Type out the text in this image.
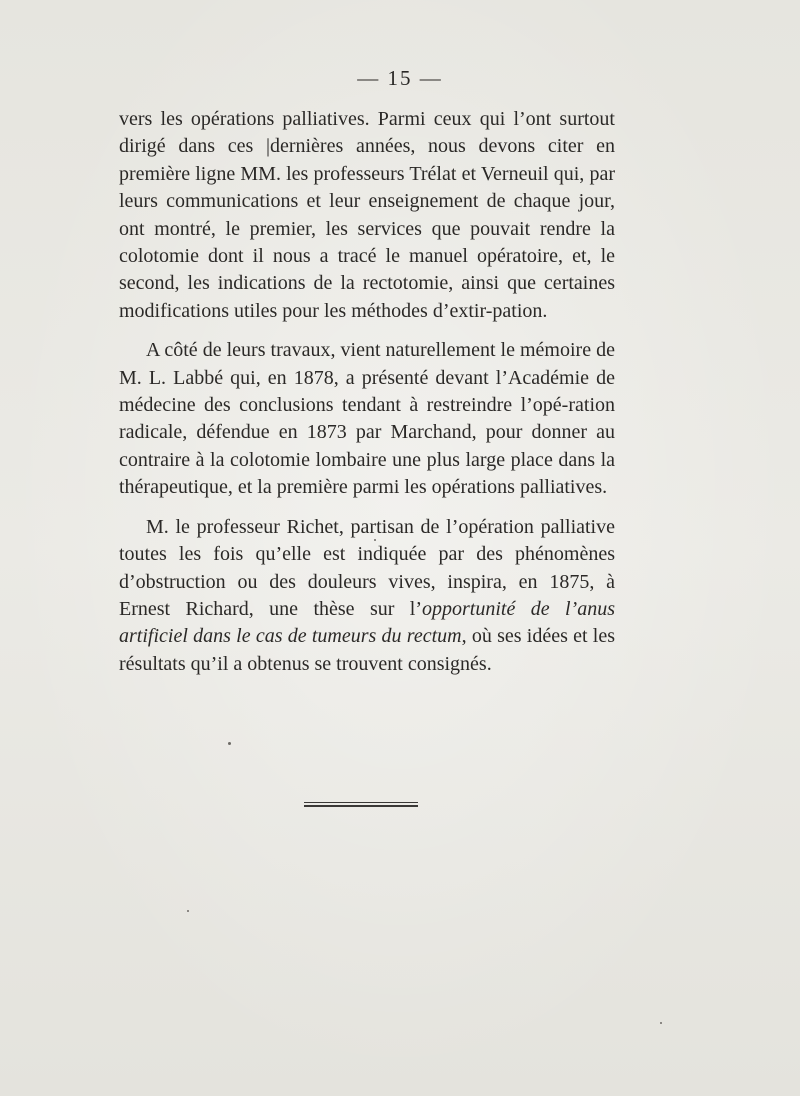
— 15 —

vers les opérations palliatives. Parmi ceux qui l’ont surtout dirigé dans ces |dernières années, nous devons citer en première ligne MM. les professeurs Trélat et Verneuil qui, par leurs communications et leur enseignement de chaque jour, ont montré, le premier, les services que pouvait rendre la colotomie dont il nous a tracé le manuel opératoire, et, le second, les indications de la rectotomie, ainsi que certaines modifications utiles pour les méthodes d’extir-pation.

A côté de leurs travaux, vient naturellement le mémoire de M. L. Labbé qui, en 1878, a présenté devant l’Académie de médecine des conclusions tendant à restreindre l’opé-ration radicale, défendue en 1873 par Marchand, pour donner au contraire à la colotomie lombaire une plus large place dans la thérapeutique, et la première parmi les opérations palliatives.

M. le professeur Richet, partisan de l’opération palliative toutes les fois qu’elle est indiquée par des phénomènes d’obstruction ou des douleurs vives, inspira, en 1875, à Ernest Richard, une thèse sur l’opportunité de l’anus artificiel dans le cas de tumeurs du rectum, où ses idées et les résultats qu’il a obtenus se trouvent consignés.
